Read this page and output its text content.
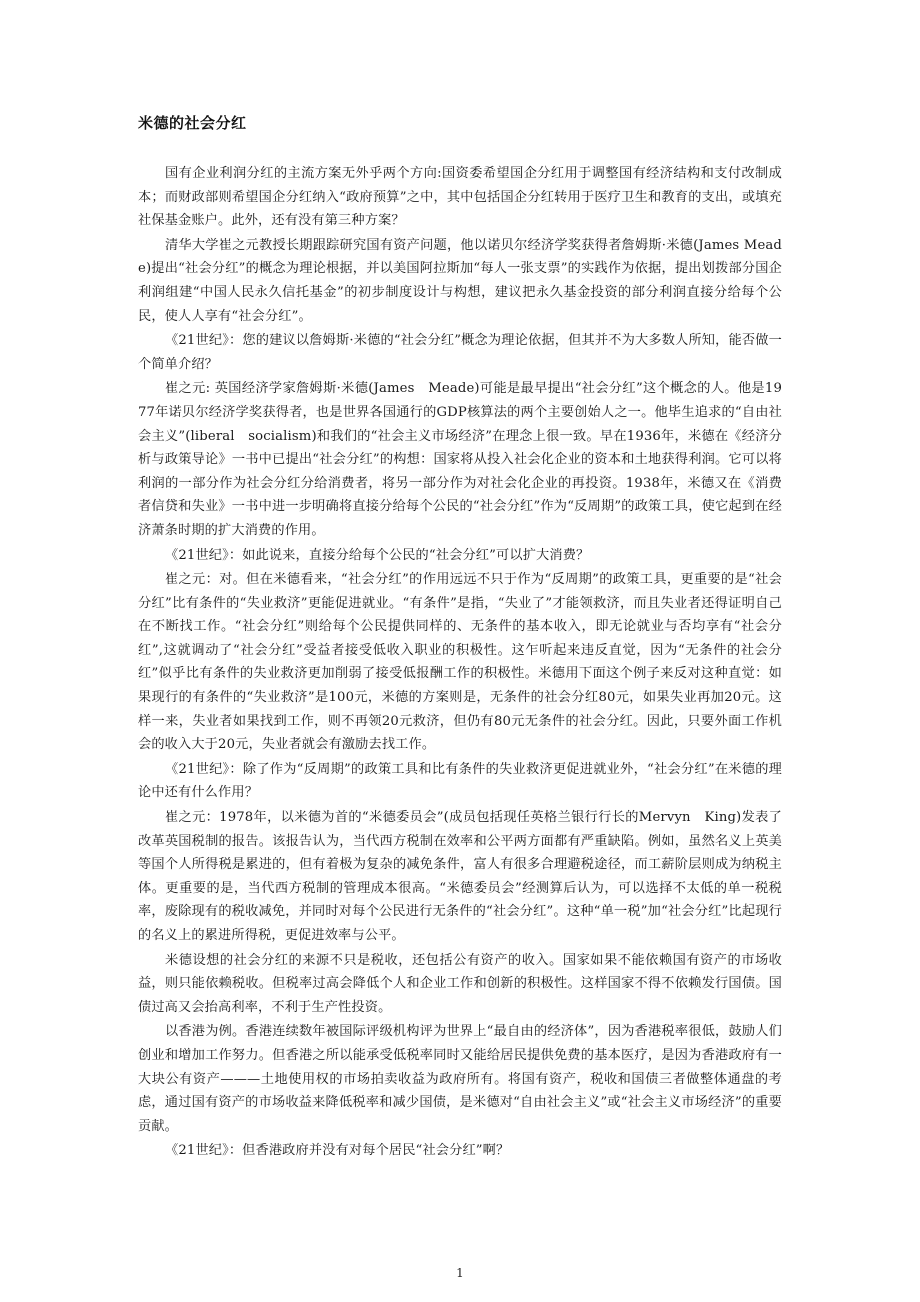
米德的社会分红

国有企业利润分红的主流方案无外乎两个方向:国资委希望国企分红用于调整国有经济结构和支付改制成本；而财政部则希望国企分红纳入“政府预算”之中，其中包括国企分红转用于医疗卫生和教育的支出，或填充社保基金账户。此外，还有没有第三种方案？

清华大学崔之元教授长期跟踪研究国有资产问题，他以诺贝尔经济学奖获得者詹姆斯·米德(James Meade)提出“社会分红”的概念为理论根据，并以美国阿拉斯加“每人一张支票”的实践作为依据，提出划拨部分国企利润组建“中国人民永久信托基金”的初步制度设计与构想，建议把永久基金投资的部分利润直接分给每个公民，使人人享有“社会分红”。

《21世纪》：您的建议以詹姆斯·米德的“社会分红”概念为理论依据，但其并不为大多数人所知，能否做一个简单介绍？

崔之元: 英国经济学家詹姆斯·米德(James　Meade)可能是最早提出“社会分红”这个概念的人。他是1977年诺贝尔经济学奖获得者，也是世界各国通行的GDP核算法的两个主要创始人之一。他毕生追求的“自由社会主义”(liberal　socialism)和我们的“社会主义市场经济”在理念上很一致。早在1936年，米德在《经济分析与政策导论》一书中已提出“社会分红”的构想：国家将从投入社会化企业的资本和土地获得利润。它可以将利润的一部分作为社会分红分给消费者，将另一部分作为对社会化企业的再投资。1938年，米德又在《消费者信贷和失业》一书中进一步明确将直接分给每个公民的“社会分红”作为“反周期”的政策工具，使它起到在经济萧条时期的扩大消费的作用。

《21世纪》：如此说来，直接分给每个公民的“社会分红”可以扩大消费？

崔之元：对。但在米德看来，“社会分红”的作用远远不只于作为“反周期”的政策工具，更重要的是“社会分红”比有条件的“失业救济”更能促进就业。“有条件”是指，“失业了”才能领救济，而且失业者还得证明自己在不断找工作。“社会分红”则给每个公民提供同样的、无条件的基本收入，即无论就业与否均享有“社会分红”,这就调动了“社会分红”受益者接受低收入职业的积极性。这乍听起来违反直觉，因为“无条件的社会分红”似乎比有条件的失业救济更加削弱了接受低报酬工作的积极性。米德用下面这个例子来反对这种直觉：如果现行的有条件的“失业救济”是100元，米德的方案则是，无条件的社会分红80元，如果失业再加20元。这样一来，失业者如果找到工作，则不再领20元救济，但仍有80元无条件的社会分红。因此，只要外面工作机会的收入大于20元，失业者就会有激励去找工作。

《21世纪》：除了作为“反周期”的政策工具和比有条件的失业救济更促进就业外，“社会分红”在米德的理论中还有什么作用？

崔之元：1978年，以米德为首的“米德委员会”(成员包括现任英格兰银行行长的Mervyn　King)发表了改革英国税制的报告。该报告认为，当代西方税制在效率和公平两方面都有严重缺陷。例如，虽然名义上英美等国个人所得税是累进的，但有着极为复杂的减免条件，富人有很多合理避税途径，而工薪阶层则成为纳税主体。更重要的是，当代西方税制的管理成本很高。“米德委员会”经测算后认为，可以选择不太低的单一税税率，废除现有的税收减免，并同时对每个公民进行无条件的“社会分红”。这种“单一税”加“社会分红”比起现行的名义上的累进所得税，更促进效率与公平。

米德设想的社会分红的来源不只是税收，还包括公有资产的收入。国家如果不能依赖国有资产的市场收益，则只能依赖税收。但税率过高会降低个人和企业工作和创新的积极性。这样国家不得不依赖发行国债。国债过高又会抬高利率，不利于生产性投资。

以香港为例。香港连续数年被国际评级机构评为世界上“最自由的经济体”，因为香港税率很低，鼓励人们创业和增加工作努力。但香港之所以能承受低税率同时又能给居民提供免费的基本医疗，是因为香港政府有一大块公有资产———土地使用权的市场拍卖收益为政府所有。将国有资产，税收和国债三者做整体通盘的考虑，通过国有资产的市场收益来降低税率和减少国债，是米德对“自由社会主义”或“社会主义市场经济”的重要贡献。

《21世纪》：但香港政府并没有对每个居民“社会分红”啊？

1
